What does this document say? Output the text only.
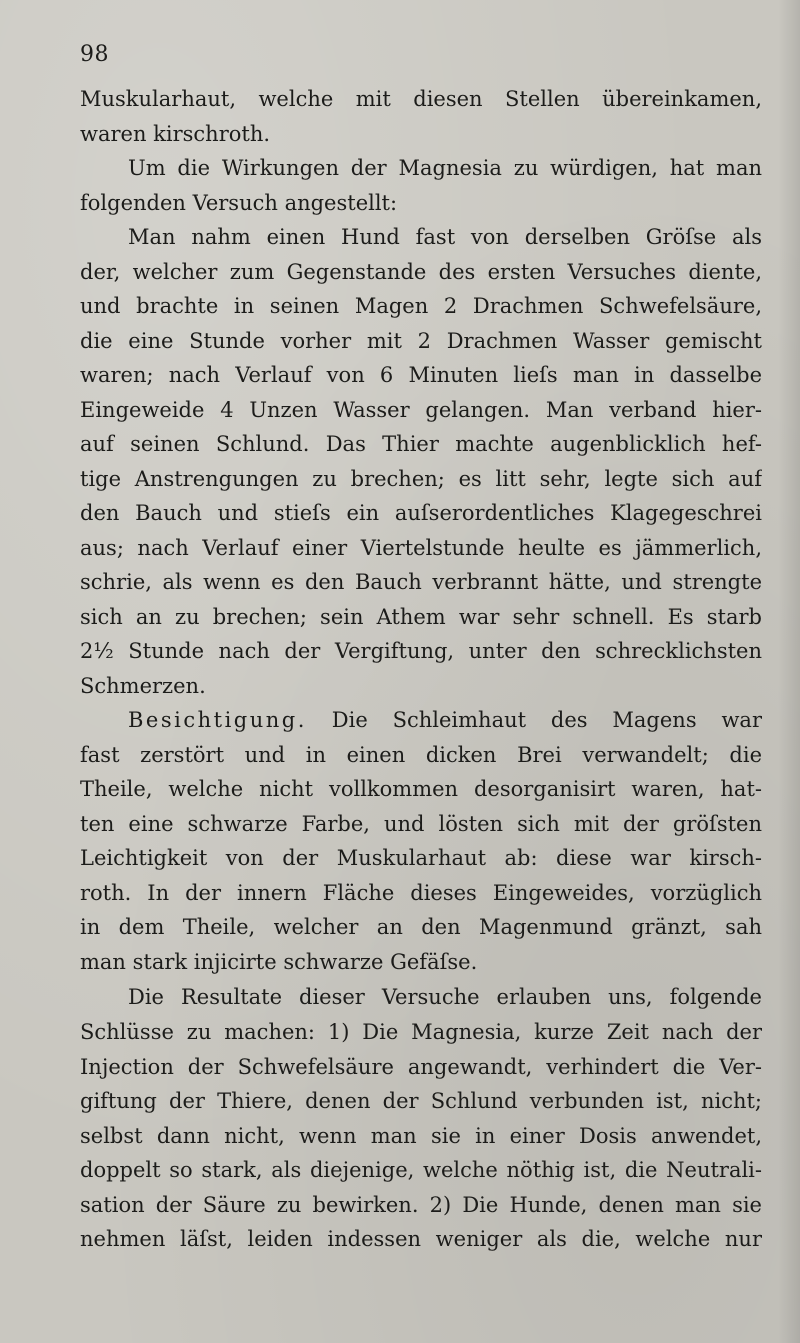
98
Muskularhaut, welche mit diesen Stellen übereinkamen,
waren kirschroth.
Um die Wirkungen der Magnesia zu würdigen, hat man
folgenden Versuch angestellt:
Man nahm einen Hund fast von derselben Gröſse als
der, welcher zum Gegenstande des ersten Versuches diente,
und brachte in seinen Magen 2 Drachmen Schwefelsäure,
die eine Stunde vorher mit 2 Drachmen Wasser gemischt
waren; nach Verlauf von 6 Minuten lieſs man in dasselbe
Eingeweide 4 Unzen Wasser gelangen. Man verband hier-
auf seinen Schlund. Das Thier machte augenblicklich hef-
tige Anstrengungen zu brechen; es litt sehr, legte sich auf
den Bauch und stieſs ein auſserordentliches Klagegeschrei
aus; nach Verlauf einer Viertelstunde heulte es jämmerlich,
schrie, als wenn es den Bauch verbrannt hätte, und strengte
sich an zu brechen; sein Athem war sehr schnell. Es starb
2½ Stunde nach der Vergiftung, unter den schrecklichsten
Schmerzen.
Besichtigung. Die Schleimhaut des Magens war
fast zerstört und in einen dicken Brei verwandelt; die
Theile, welche nicht vollkommen desorganisirt waren, hat-
ten eine schwarze Farbe, und lösten sich mit der gröſsten
Leichtigkeit von der Muskularhaut ab: diese war kirsch-
roth. In der innern Fläche dieses Eingeweides, vorzüglich
in dem Theile, welcher an den Magenmund gränzt, sah
man stark injicirte schwarze Gefäſse.
Die Resultate dieser Versuche erlauben uns, folgende
Schlüsse zu machen: 1) Die Magnesia, kurze Zeit nach der
Injection der Schwefelsäure angewandt, verhindert die Ver-
giftung der Thiere, denen der Schlund verbunden ist, nicht;
selbst dann nicht, wenn man sie in einer Dosis anwendet,
doppelt so stark, als diejenige, welche nöthig ist, die Neutrali-
sation der Säure zu bewirken. 2) Die Hunde, denen man sie
nehmen läſst, leiden indessen weniger als die, welche nur
